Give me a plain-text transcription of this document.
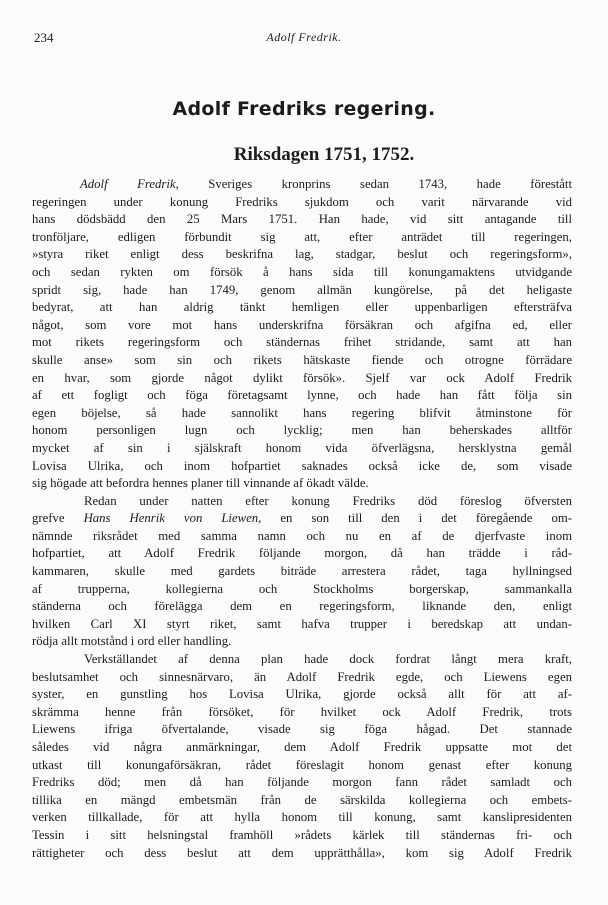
234	Adolf Fredrik.
Adolf Fredriks regering.
Riksdagen 1751, 1752.
Adolf Fredrik, Sveriges kronprins sedan 1743, hade förestått
regeringen under konung Fredriks sjukdom och varit närvarande vid
hans dödsbädd den 25 Mars 1751. Han hade, vid sitt antagande till
tronföljare, edligen förbundit sig att, efter anträdet till regeringen,
»styra riket enligt dess beskrifna lag, stadgar, beslut och regeringsform»,
och sedan rykten om försök å hans sida till konungamaktens utvidgande
spridt sig, hade han 1749, genom allmän kungörelse, på det heligaste
bedyrat, att han aldrig tänkt hemligen eller uppenbarligen eftersträfva
något, som vore mot hans underskrifna försäkran och afgifna ed, eller
mot rikets regeringsform och ständernas frihet stridande, samt att han
skulle anse» som sin och rikets hätskaste fiende och otrogne förrädare
en hvar, som gjorde något dylikt försök». Sjelf var ock Adolf Fredrik
af ett fogligt och föga företagsamt lynne, och hade han fått följa sin
egen böjelse, så hade sannolikt hans regering blifvit åtminstone för
honom personligen lugn och lycklig; men han beherskades alltför
mycket af sin i själskraft honom vida öfverlägsna, hersklystna gemål
Lovisa Ulrika, och inom hofpartiet saknades också icke de, som visade
sig högade att befordra hennes planer till vinnande af ökadt välde.
Redan under natten efter konung Fredriks död föreslog öfversten
grefve Hans Henrik von Liewen, en son till den i det föregående om-
nämnde riksrådet med samma namn och nu en af de djerfvaste inom
hofpartiet, att Adolf Fredrik följande morgon, då han trädde i råd-
kammaren, skulle med gardets biträde arrestera rådet, taga hyllningsed
af trupperna, kollegierna och Stockholms borgerskap, sammankalla
ständerna och förelägga dem en regeringsform, liknande den, enligt
hvilken Carl XI styrt riket, samt hafva trupper i beredskap att undan-
rödja allt motstånd i ord eller handling.
Verkställandet af denna plan hade dock fordrat långt mera kraft,
beslutsamhet och sinnesnärvaro, än Adolf Fredrik egde, och Liewens egen
syster, en gunstling hos Lovisa Ulrika, gjorde också allt för att af-
skrämma henne från försöket, för hvilket ock Adolf Fredrik, trots
Liewens ifriga öfvertalande, visade sig föga hågad. Det stannade
således vid några anmärkningar, dem Adolf Fredrik uppsatte mot det
utkast till konungaförsäkran, rådet föreslagit honom genast efter konung
Fredriks död; men då han följande morgon fann rådet samladt och
tillika en mängd embetsmän från de särskilda kollegierna och embets-
verken tillkallade, för att hylla honom till konung, samt kanslipresidenten
Tessin i sitt helsningstal framhöll »rådets kärlek till ständernas fri- och
rättigheter och dess beslut att dem upprätthålla», kom sig Adolf Fredrik
